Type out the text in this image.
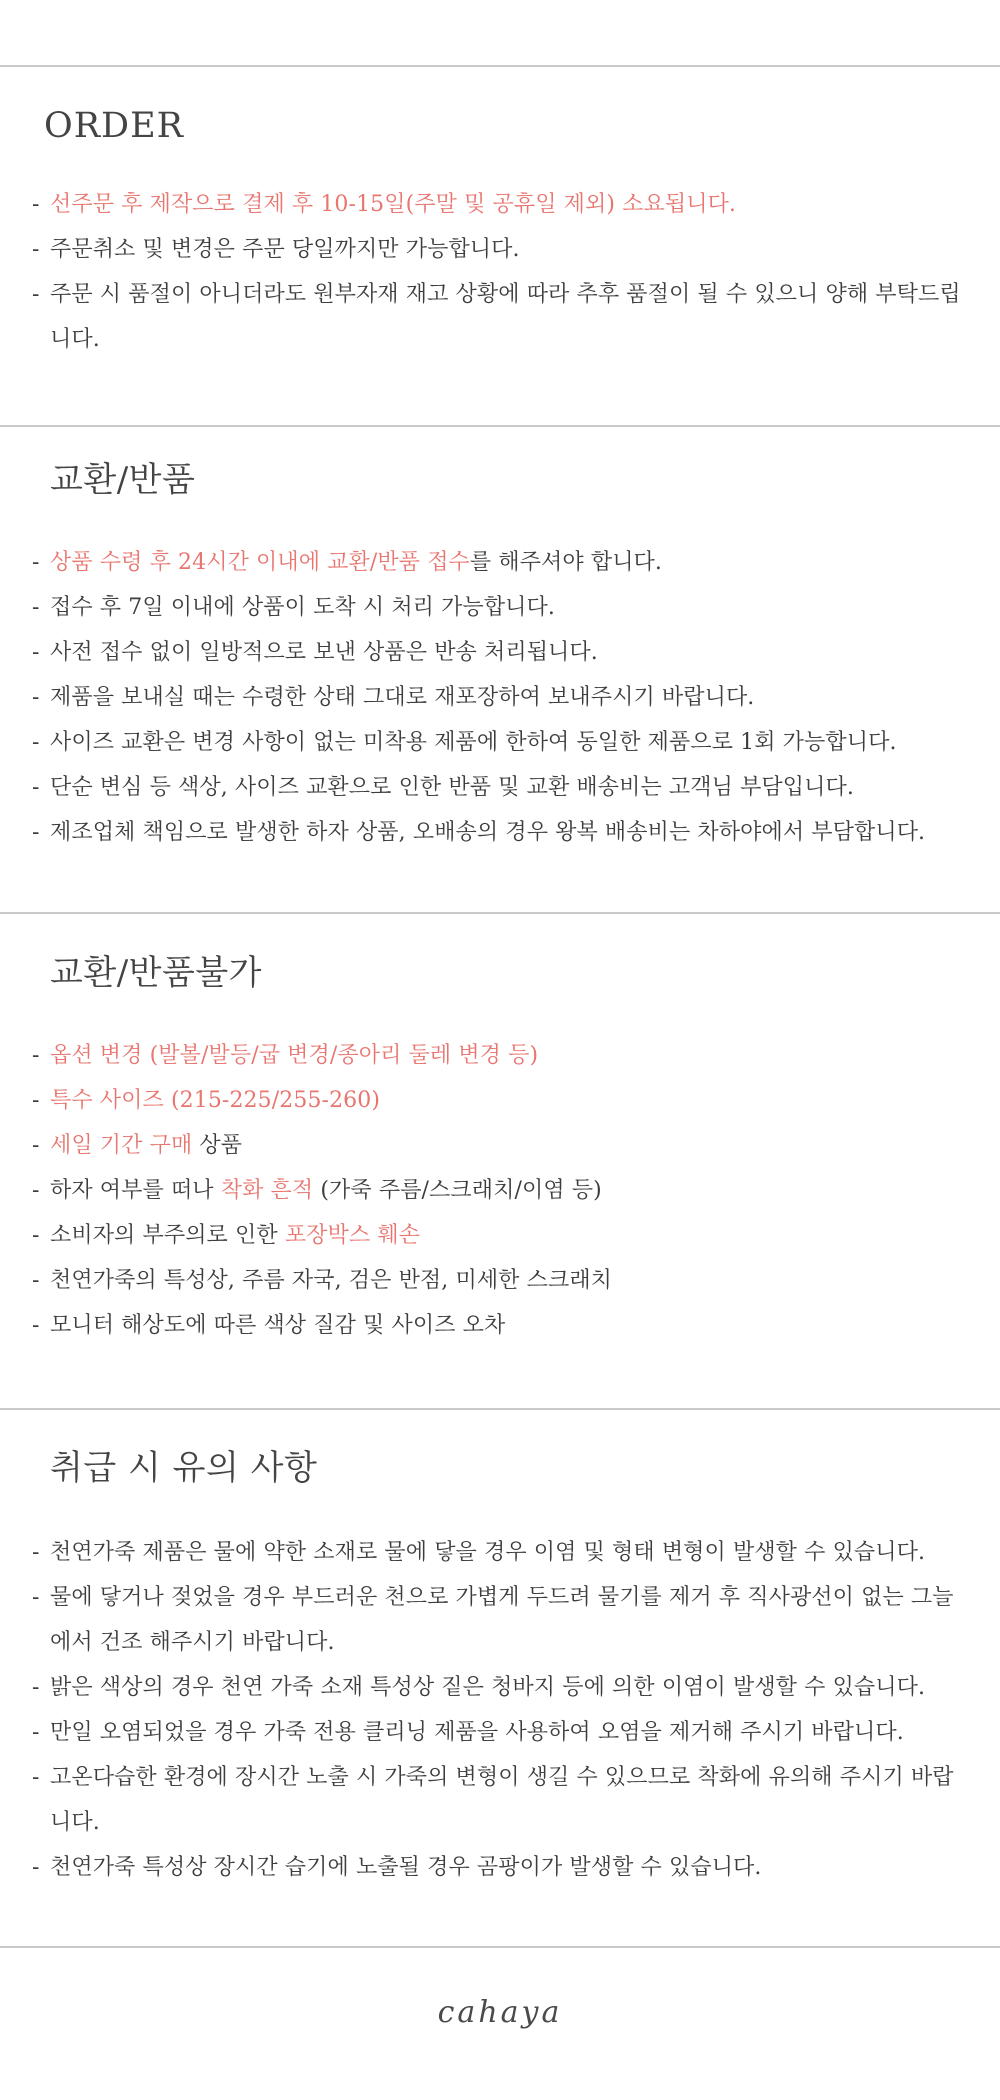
ORDER
- 선주문 후 제작으로 결제 후 10-15일(주말 및 공휴일 제외) 소요됩니다.
- 주문취소 및 변경은 주문 당일까지만 가능합니다.
- 주문 시 품절이 아니더라도 원부자재 재고 상황에 따라 추후 품절이 될 수 있으니 양해 부탁드립니다.
교환/반품
- 상품 수령 후 24시간 이내에 교환/반품 접수를 해주셔야 합니다.
- 접수 후 7일 이내에 상품이 도착 시 처리 가능합니다.
- 사전 접수 없이 일방적으로 보낸 상품은 반송 처리됩니다.
- 제품을 보내실 때는 수령한 상태 그대로 재포장하여 보내주시기 바랍니다.
- 사이즈 교환은 변경 사항이 없는 미착용 제품에 한하여 동일한 제품으로 1회 가능합니다.
- 단순 변심 등 색상, 사이즈 교환으로 인한 반품 및 교환 배송비는 고객님 부담입니다.
- 제조업체 책임으로 발생한 하자 상품, 오배송의 경우 왕복 배송비는 차하야에서 부담합니다.
교환/반품불가
- 옵션 변경 (발볼/발등/굽 변경/종아리 둘레 변경 등)
- 특수 사이즈 (215-225/255-260)
- 세일 기간 구매 상품
- 하자 여부를 떠나 착화 흔적 (가죽 주름/스크래치/이염 등)
- 소비자의 부주의로 인한 포장박스 훼손
- 천연가죽의 특성상, 주름 자국, 검은 반점, 미세한 스크래치
- 모니터 해상도에 따른 색상 질감 및 사이즈 오차
취급 시 유의 사항
- 천연가죽 제품은 물에 약한 소재로 물에 닿을 경우 이염 및 형태 변형이 발생할 수 있습니다.
- 물에 닿거나 젖었을 경우 부드러운 천으로 가볍게 두드려 물기를 제거 후 직사광선이 없는 그늘에서 건조 해주시기 바랍니다.
- 밝은 색상의 경우 천연 가죽 소재 특성상 짙은 청바지 등에 의한 이염이 발생할 수 있습니다.
- 만일 오염되었을 경우 가죽 전용 클리닝 제품을 사용하여 오염을 제거해 주시기 바랍니다.
- 고온다습한 환경에 장시간 노출 시 가죽의 변형이 생길 수 있으므로 착화에 유의해 주시기 바랍니다.
- 천연가죽 특성상 장시간 습기에 노출될 경우 곰팡이가 발생할 수 있습니다.
cahaya
